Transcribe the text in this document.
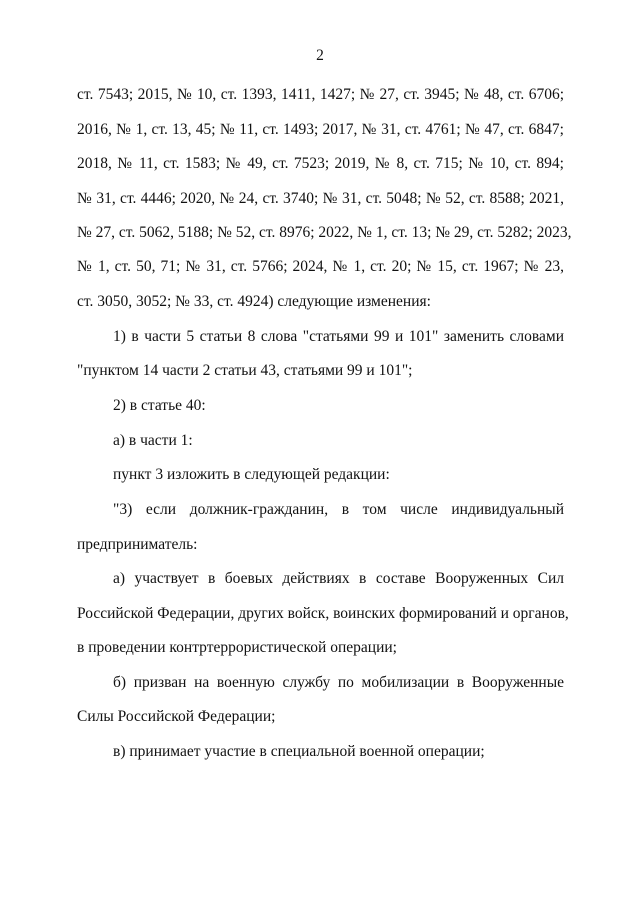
2
ст. 7543; 2015, № 10, ст. 1393, 1411, 1427; № 27, ст. 3945; № 48, ст. 6706;
2016, № 1, ст. 13, 45; № 11, ст. 1493; 2017, № 31, ст. 4761; № 47, ст. 6847;
2018, № 11, ст. 1583; № 49, ст. 7523; 2019, № 8, ст. 715; № 10, ст. 894;
№ 31, ст. 4446; 2020, № 24, ст. 3740; № 31, ст. 5048; № 52, ст. 8588; 2021,
№ 27, ст. 5062, 5188; № 52, ст. 8976; 2022, № 1, ст. 13; № 29, ст. 5282; 2023,
№ 1, ст. 50, 71; № 31, ст. 5766; 2024, № 1, ст. 20; № 15, ст. 1967; № 23,
ст. 3050, 3052; № 33, ст. 4924) следующие изменения:
1) в части 5 статьи 8 слова "статьями 99 и 101" заменить словами
"пунктом 14 части 2 статьи 43, статьями 99 и 101";
2) в статье 40:
а) в части 1:
пункт 3 изложить в следующей редакции:
"3) если должник-гражданин, в том числе индивидуальный
предприниматель:
а) участвует в боевых действиях в составе Вооруженных Сил
Российской Федерации, других войск, воинских формирований и органов,
в проведении контртеррористической операции;
б) призван на военную службу по мобилизации в Вооруженные
Силы Российской Федерации;
в) принимает участие в специальной военной операции;
